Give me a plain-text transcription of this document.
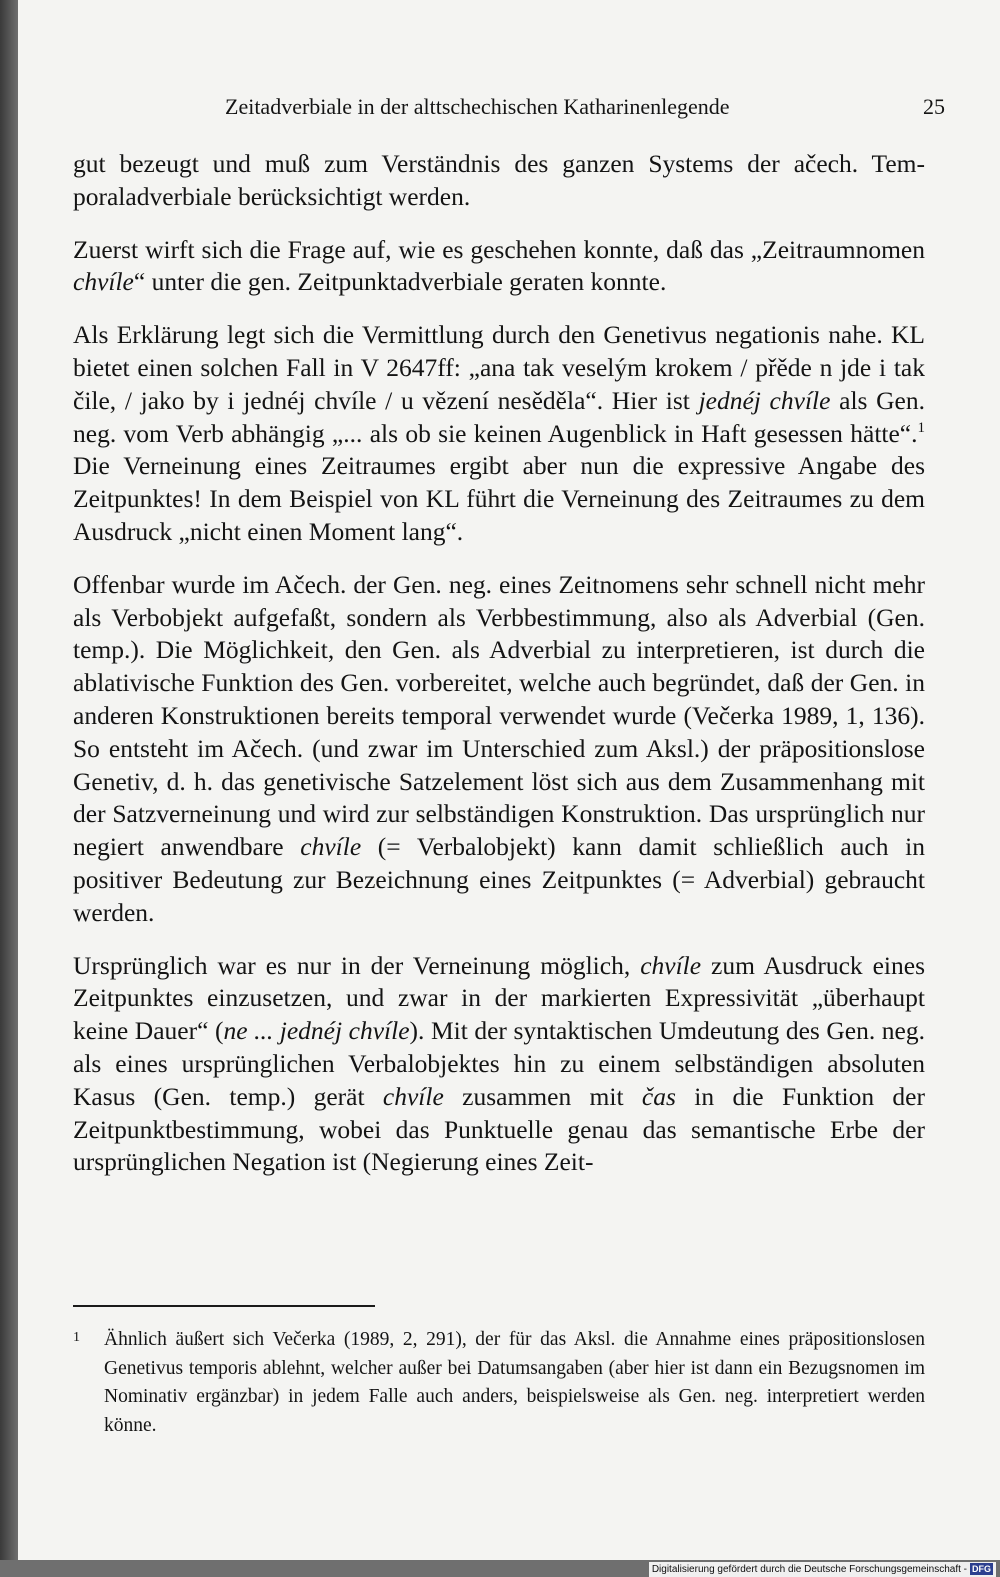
Zeitadverbiale in der alttschechischen Katharinenlegende	25

gut bezeugt und muß zum Verständnis des ganzen Systems der ačech. Temporaladverbiale berücksichtigt werden.

Zuerst wirft sich die Frage auf, wie es geschehen konnte, daß das „Zeitraumnomen chvíle“ unter die gen. Zeitpunktadverbiale geraten konnte.

Als Erklärung legt sich die Vermittlung durch den Genetivus negationis nahe. KL bietet einen solchen Fall in V 2647ff: „ana tak veselým krokem / přěde n jde i tak čile, / jako by i jednéj chvíle / u vězení nesěděla“. Hier ist jednéj chvíle als Gen. neg. vom Verb abhängig „... als ob sie keinen Augenblick in Haft gesessen hätte“.$^1$ Die Verneinung eines Zeitraumes ergibt aber nun die expressive Angabe des Zeitpunktes! In dem Beispiel von KL führt die Verneinung des Zeitraumes zu dem Ausdruck „nicht einen Moment lang“.

Offenbar wurde im Ačech. der Gen. neg. eines Zeitnomens sehr schnell nicht mehr als Verbobjekt aufgefaßt, sondern als Verbbestimmung, also als Adverbial (Gen. temp.). Die Möglichkeit, den Gen. als Adverbial zu interpretieren, ist durch die ablativische Funktion des Gen. vorbereitet, welche auch begründet, daß der Gen. in anderen Konstruktionen bereits temporal verwendet wurde (Večerka 1989, 1, 136). So entsteht im Ačech. (und zwar im Unterschied zum Aksl.) der präpositionslose Genetiv, d. h. das genetivische Satzelement löst sich aus dem Zusammenhang mit der Satzverneinung und wird zur selbständigen Konstruktion. Das ursprünglich nur negiert anwendbare chvíle (= Verbalobjekt) kann damit schließlich auch in positiver Bedeutung zur Bezeichnung eines Zeitpunktes (= Adverbial) gebraucht werden.

Ursprünglich war es nur in der Verneinung möglich, chvíle zum Ausdruck eines Zeitpunktes einzusetzen, und zwar in der markierten Expressivität „überhaupt keine Dauer“ (ne ... jednéj chvíle). Mit der syntaktischen Umdeutung des Gen. neg. als eines ursprünglichen Verbalobjektes hin zu einem selbständigen absoluten Kasus (Gen. temp.) gerät chvíle zusammen mit čas in die Funktion der Zeitpunktbestimmung, wobei das Punktuelle genau das semantische Erbe der ursprünglichen Negation ist (Negierung eines Zeit-

1 Ähnlich äußert sich Večerka (1989, 2, 291), der für das Aksl. die Annahme eines präpositionslosen Genetivus temporis ablehnt, welcher außer bei Datumsangaben (aber hier ist dann ein Bezugsnomen im Nominativ ergänzbar) in jedem Falle auch anders, beispielsweise als Gen. neg. interpretiert werden könne.
Digitalisierung gefördert durch die Deutsche Forschungsgemeinschaft - DFG
